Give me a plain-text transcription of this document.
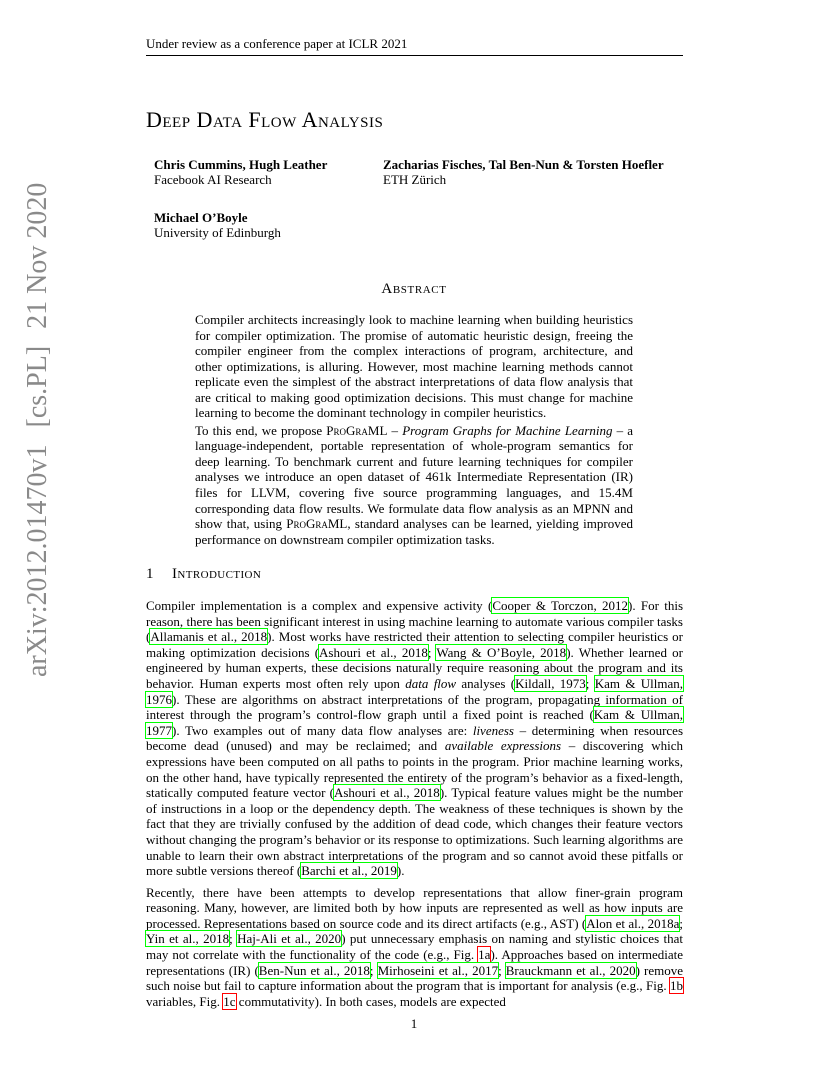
Under review as a conference paper at ICLR 2021
arXiv:2012.01470v1 [cs.PL] 21 Nov 2020
Deep Data Flow Analysis
Chris Cummins, Hugh Leather
Facebook AI Research
Zacharias Fisches, Tal Ben-Nun & Torsten Hoefler
ETH Zürich
Michael O’Boyle
University of Edinburgh
Abstract

Compiler architects increasingly look to machine learning when building heuristics for compiler optimization. The promise of automatic heuristic design, freeing the compiler engineer from the complex interactions of program, architecture, and other optimizations, is alluring. However, most machine learning methods cannot replicate even the simplest of the abstract interpretations of data flow analysis that are critical to making good optimization decisions. This must change for machine learning to become the dominant technology in compiler heuristics.

To this end, we propose ProGraML – Program Graphs for Machine Learning – a language-independent, portable representation of whole-program semantics for deep learning. To benchmark current and future learning techniques for compiler analyses we introduce an open dataset of 461k Intermediate Representation (IR) files for LLVM, covering five source programming languages, and 15.4M corresponding data flow results. We formulate data flow analysis as an MPNN and show that, using ProGraML, standard analyses can be learned, yielding improved performance on downstream compiler optimization tasks.

1 Introduction

Compiler implementation is a complex and expensive activity (Cooper & Torczon, 2012). For this reason, there has been significant interest in using machine learning to automate various compiler tasks (Allamanis et al., 2018). Most works have restricted their attention to selecting compiler heuristics or making optimization decisions (Ashouri et al., 2018; Wang & O’Boyle, 2018). Whether learned or engineered by human experts, these decisions naturally require reasoning about the program and its behavior. Human experts most often rely upon data flow analyses (Kildall, 1973; Kam & Ullman, 1976). These are algorithms on abstract interpretations of the program, propagating information of interest through the program’s control-flow graph until a fixed point is reached (Kam & Ullman, 1977). Two examples out of many data flow analyses are: liveness – determining when resources become dead (unused) and may be reclaimed; and available expressions – discovering which expressions have been computed on all paths to points in the program. Prior machine learning works, on the other hand, have typically represented the entirety of the program’s behavior as a fixed-length, statically computed feature vector (Ashouri et al., 2018). Typical feature values might be the number of instructions in a loop or the dependency depth. The weakness of these techniques is shown by the fact that they are trivially confused by the addition of dead code, which changes their feature vectors without changing the program’s behavior or its response to optimizations. Such learning algorithms are unable to learn their own abstract interpretations of the program and so cannot avoid these pitfalls or more subtle versions thereof (Barchi et al., 2019).

Recently, there have been attempts to develop representations that allow finer-grain program reasoning. Many, however, are limited both by how inputs are represented as well as how inputs are processed. Representations based on source code and its direct artifacts (e.g., AST) (Alon et al., 2018a; Yin et al., 2018; Haj-Ali et al., 2020) put unnecessary emphasis on naming and stylistic choices that may not correlate with the functionality of the code (e.g., Fig. 1a). Approaches based on intermediate representations (IR) (Ben-Nun et al., 2018; Mirhoseini et al., 2017; Brauckmann et al., 2020) remove such noise but fail to capture information about the program that is important for analysis (e.g., Fig. 1b variables, Fig. 1c commutativity). In both cases, models are expected

1
